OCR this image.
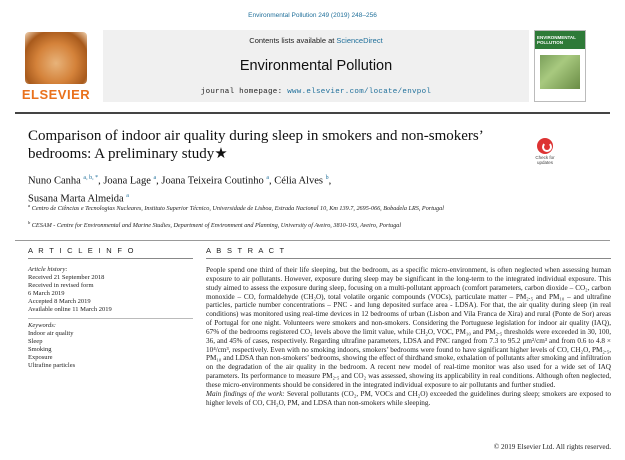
Environmental Pollution 249 (2019) 248–256
ELSEVIER
Contents lists available at ScienceDirect
Environmental Pollution
journal homepage: www.elsevier.com/locate/envpol
ENVIRONMENTAL POLLUTION
Comparison of indoor air quality during sleep in smokers and non-smokers’ bedrooms: A preliminary study★	Check for updates
Nuno Canha $^{a, b, *}$, Joana Lage $^a$, Joana Teixeira Coutinho $^a$, Célia Alves $^b$,
Susana Marta Almeida $^a$
$^a$ Centro de Ciências e Tecnologias Nucleares, Instituto Superior Técnico, Universidade de Lisboa, Estrada Nacional 10, Km 139.7, 2695-066, Bobadela LRS, Portugal
$^b$ CESAM - Centre for Environmental and Marine Studies, Department of Environment and Planning, University of Aveiro, 3810-193, Aveiro, Portugal
A R T I C L E I N F O	A B S T R A C T
Article history:
Received 21 September 2018
Received in revised form
6 March 2019
Accepted 8 March 2019
Available online 11 March 2019
Keywords:
Indoor air quality
Sleep
Smoking
Exposure
Ultrafine particles

People spend one third of their life sleeping, but the bedroom, as a specific micro-environment, is often neglected when assessing human exposure to air pollutants. However, exposure during sleep may be significant in the long-term to the integrated individual exposure. This study aimed to assess the exposure during sleep, focusing on a multi-pollutant approach (comfort parameters, carbon dioxide – CO₂, carbon monoxide – CO, formaldehyde (CH₂O), total volatile organic compounds (VOCs), particulate matter – PM₂.₅ and PM₁₀ – and ultrafine particles, particle number concentrations – PNC - and lung deposited surface area - LDSA). For that, the air quality during sleep (in real conditions) was monitored using real-time devices in 12 bedrooms of urban (Lisbon and Vila Franca de Xira) and rural (Ponte de Sor) areas of Portugal for one night. Volunteers were smokers and non-smokers. Considering the Portuguese legislation for indoor air quality (IAQ), 67% of the bedrooms registered CO₂ levels above the limit value, while CH₂O, VOC, PM₁₀ and PM₂.₅ thresholds were exceeded in 30, 100, 36, and 45% of cases, respectively. Regarding ultrafine parameters, LDSA and PNC ranged from 7.3 to 95.2 μm²/cm³ and from 0.6 to 4.8 × 10⁴/cm³, respectively. Even with no smoking indoors, smokers’ bedrooms were found to have significant higher levels of CO, CH₂O, PM₂.₅, PM₁₀ and LDSA than non-smokers’ bedrooms, showing the effect of thirdhand smoke, exhalation of pollutants after smoking and infiltration on the degradation of the air quality in the bedroom. A recent new model of real-time monitor was also used for a wide set of IAQ parameters. Its performance to measure PM₂.₅ and CO₂ was assessed, showing its applicability in real conditions. Although often neglected, these micro-environments should be considered in the integrated individual exposure to air pollutants and further studied.

Main findings of the work: Several pollutants (CO₂, PM, VOCs and CH₂O) exceeded the guidelines during sleep; smokers are exposed to higher levels of CO, CH₂O, PM, and LDSA than non-smokers while sleeping.

© 2019 Elsevier Ltd. All rights reserved.
